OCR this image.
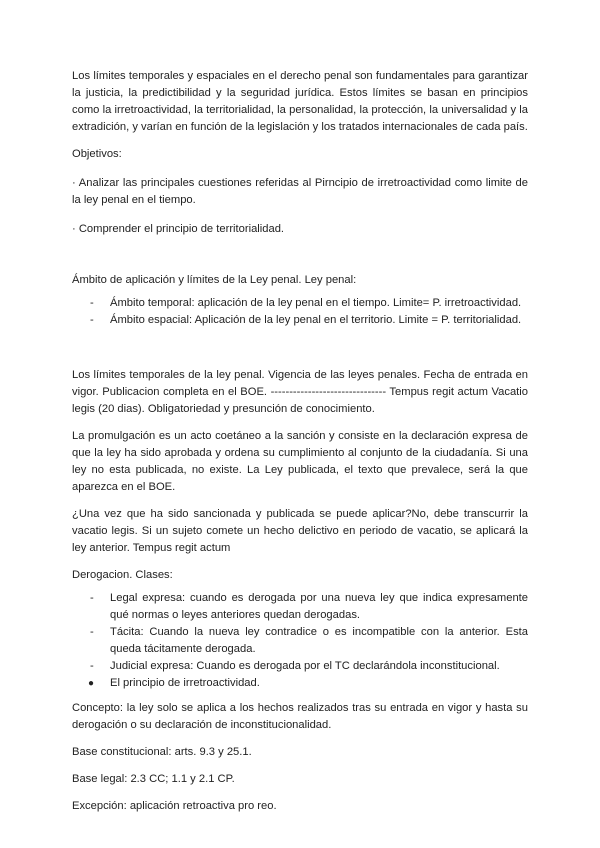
Los límites temporales y espaciales en el derecho penal son fundamentales para garantizar la justicia, la predictibilidad y la seguridad jurídica. Estos límites se basan en principios como la irretroactividad, la territorialidad, la personalidad, la protección, la universalidad y la extradición, y varían en función de la legislación y los tratados internacionales de cada país.

Objetivos:

· Analizar las principales cuestiones referidas al Pirncipio de irretroactividad como limite de la ley penal en el tiempo.

· Comprender el principio de territorialidad.

Ámbito de aplicación y límites de la Ley penal. Ley penal:

- Ámbito temporal: aplicación de la ley penal en el tiempo. Limite= P. irretroactividad.
- Ámbito espacial: Aplicación de la ley penal en el territorio. Limite = P. territorialidad.

Los límites temporales de la ley penal. Vigencia de las leyes penales. Fecha de entrada en vigor. Publicacion completa en el BOE. ------------------------------- Tempus regit actum Vacatio legis (20 dias). Obligatoriedad y presunción de conocimiento.

La promulgación es un acto coetáneo a la sanción y consiste en la declaración expresa de que la ley ha sido aprobada y ordena su cumplimiento al conjunto de la ciudadanía. Si una ley no esta publicada, no existe. La Ley publicada, el texto que prevalece, será la que aparezca en el BOE.

¿Una vez que ha sido sancionada y publicada se puede aplicar?No, debe transcurrir la vacatio legis. Si un sujeto comete un hecho delictivo en periodo de vacatio, se aplicará la ley anterior. Tempus regit actum

Derogacion. Clases:

- Legal expresa: cuando es derogada por una nueva ley que indica expresamente qué normas o leyes anteriores quedan derogadas.
- Tácita: Cuando la nueva ley contradice o es incompatible con la anterior. Esta queda tácitamente derogada.
- Judicial expresa: Cuando es derogada por el TC declarándola inconstitucional.
● El principio de irretroactividad.

Concepto: la ley solo se aplica a los hechos realizados tras su entrada en vigor y hasta su derogación o su declaración de inconstitucionalidad.

Base constitucional: arts. 9.3 y 25.1.

Base legal: 2.3 CC; 1.1 y 2.1 CP.

Excepción: aplicación retroactiva pro reo.
